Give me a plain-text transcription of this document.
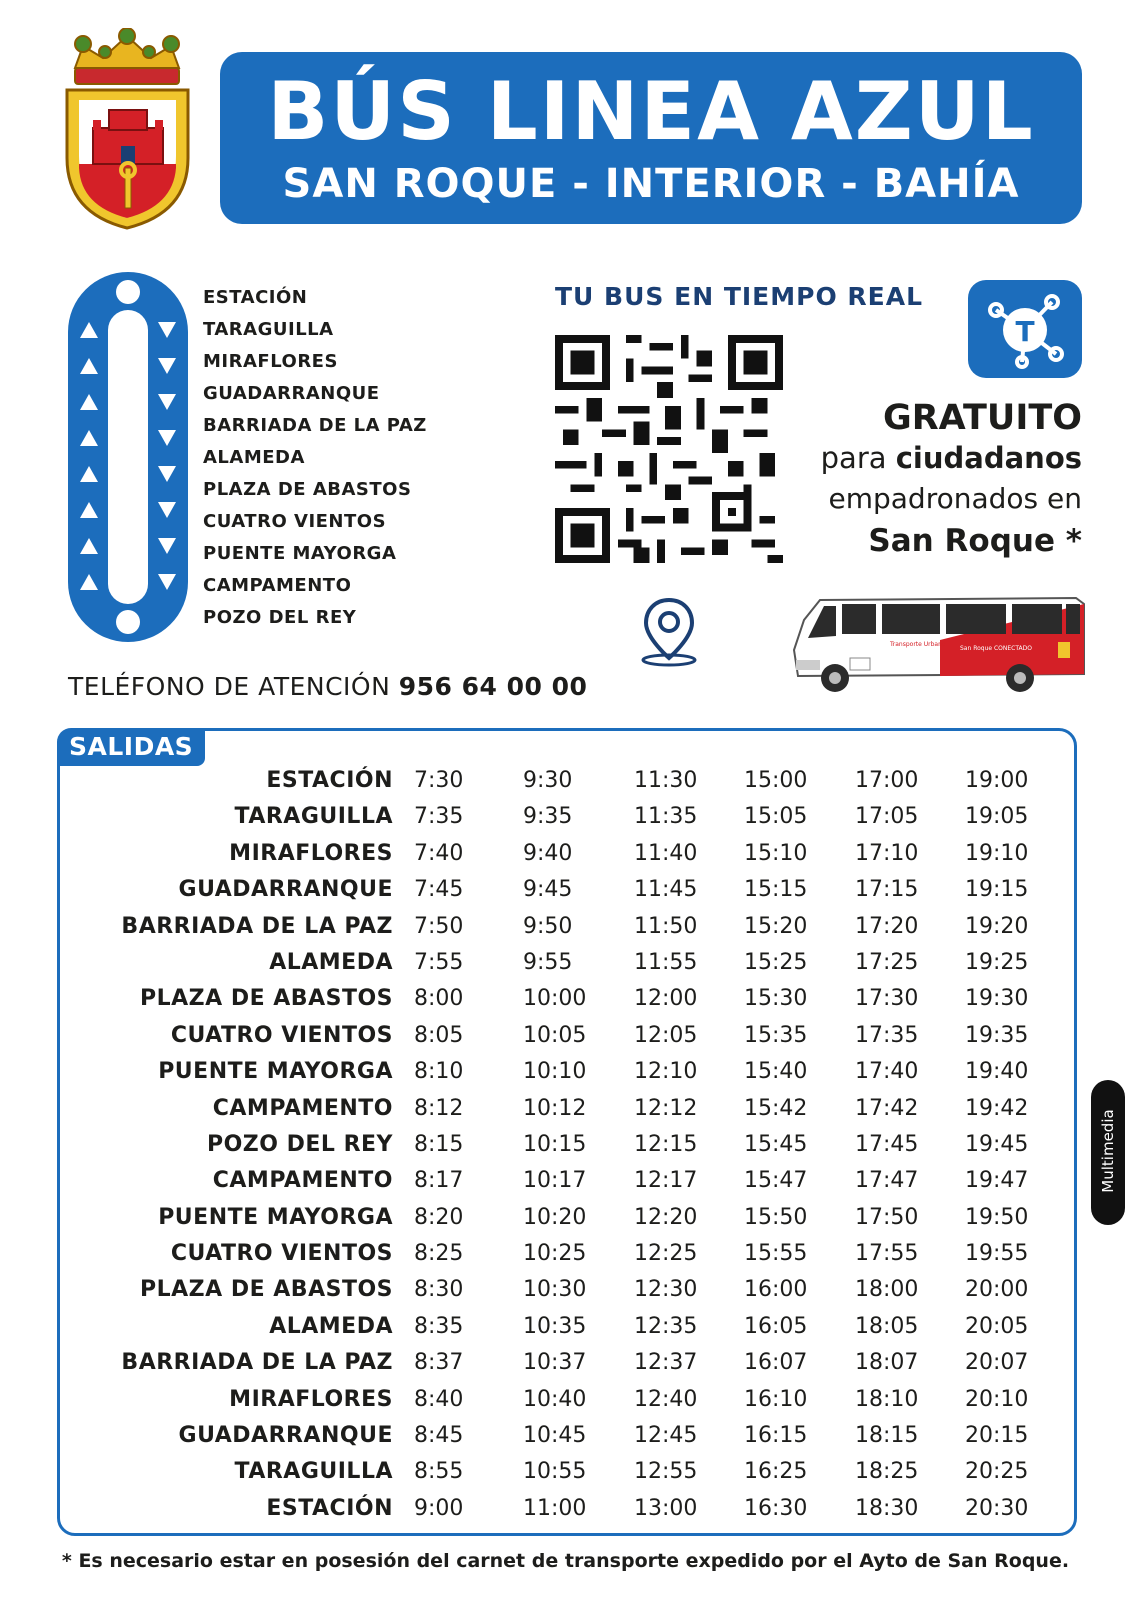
BÚS LINEA AZUL
SAN ROQUE - INTERIOR - BAHÍA
ESTACIÓN
TARAGUILLA
MIRAFLORES
GUADARRANQUE
BARRIADA DE LA PAZ
ALAMEDA
PLAZA DE ABASTOS
CUATRO VIENTOS
PUENTE MAYORGA
CAMPAMENTO
POZO DEL REY
TU BUS EN TIEMPO REAL
T
GRATUITO
para ciudadanos
empadronados en
San Roque *
Transporte Urbano
San Roque CONECTADO
TELÉFONO DE ATENCIÓN 956 64 00 00
SALIDAS
ESTACIÓN 7:30	9:30	11:30	15:00	17:00	19:00
TARAGUILLA 7:35	9:35	11:35	15:05	17:05	19:05
MIRAFLORES 7:40	9:40	11:40	15:10	17:10	19:10
GUADARRANQUE 7:45	9:45	11:45	15:15	17:15	19:15
BARRIADA DE LA PAZ 7:50	9:50	11:50	15:20	17:20	19:20
ALAMEDA 7:55	9:55	11:55	15:25	17:25	19:25
PLAZA DE ABASTOS 8:00	10:00	12:00	15:30	17:30	19:30
CUATRO VIENTOS 8:05	10:05	12:05	15:35	17:35	19:35
PUENTE MAYORGA 8:10	10:10	12:10	15:40	17:40	19:40
CAMPAMENTO 8:12	10:12	12:12	15:42	17:42	19:42
POZO DEL REY 8:15	10:15	12:15	15:45	17:45	19:45
CAMPAMENTO 8:17	10:17	12:17	15:47	17:47	19:47
PUENTE MAYORGA 8:20	10:20	12:20	15:50	17:50	19:50
CUATRO VIENTOS 8:25	10:25	12:25	15:55	17:55	19:55
PLAZA DE ABASTOS 8:30	10:30	12:30	16:00	18:00	20:00
ALAMEDA 8:35	10:35	12:35	16:05	18:05	20:05
BARRIADA DE LA PAZ 8:37	10:37	12:37	16:07	18:07	20:07
MIRAFLORES 8:40	10:40	12:40	16:10	18:10	20:10
GUADARRANQUE 8:45	10:45	12:45	16:15	18:15	20:15
TARAGUILLA 8:55	10:55	12:55	16:25	18:25	20:25
ESTACIÓN 9:00	11:00	13:00	16:30	18:30	20:30
* Es necesario estar en posesión del carnet de transporte expedido por el Ayto de San Roque.
Multimedia
